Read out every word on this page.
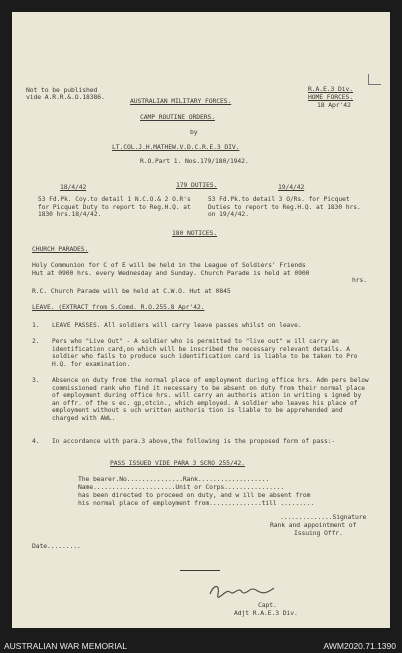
Not to be published
vide A.R.R.&.O.18386.
R.A.E.3 Div.
HOME FORCES.
18 Apr'42
AUSTRALIAN MILITARY FORCES.
CAMP ROUTINE ORDERS.
by
LT.COL.J.H.MATHEW.V.D.C.R.E.3 DIV.
R.O.Part 1. Nos.179/180/1942.
18/4/42	179 DUTIES.	19/4/42
53 Fd.Pk. Coy.to detail 1 N.C.O.& 2 O.R's for Picquet Duty to report to Reg.H.Q. at 1830 hrs.18/4/42.
53 Fd.Pk.to detail 3 O/Rs. for Picquet Duties to report to Reg.H.Q. at 1830 hrs. on 19/4/42.
180 NOTICES.
CHURCH PARADES.
Holy Communion for C of E will be held in the League of Soldiers' Friends
Hut at 0900 hrs. every Wednesday and Sunday. Church Parade is held at 0900
hrs.
R.C. Church Parade will be held at C.W.O. Hut at 0845
LEAVE. (EXTRACT from S.Comd. R.O.255.8 Apr'42.
1. LEAVE PASSES. All soldiers will carry leave passes whilst on leave.
2. Pers who "Live Out" - A soldier who is permitted to "live out" w ill carry an identification card,on which will be inscribed the necessary relevant details. A soldier who fails to produce such identification card is liable to be taken to Pro H.Q. for examination.
3. Absence on duty from the normal place of employment during office hrs. Adm pers below commissioned rank who find it necessary to be absent on duty from their normal place of employment during office hrs. will carry an authoris ation in writing s igned by an offr. of the s ec. gp,otcin., which employed. A soldier who leaves his place of employment without s uch written authoris tion is liable to be apprehended and charged with AWL.
4. In accordance with para.3 above,the following is the proposed form of pass:-
PASS ISSUED VIDE PARA 3 SCRO 255/42.
The bearer.No...............Rank...................
Name......................Unit or Corps................
has been directed to proceed on duty, and w ill be absent from
his normal place of employment from..............till .........
..............Signature
Rank and appointment of
Issuing Offr.
Date.........
Capt.
Adjt R.A.E.3 Div.
AUSTRALIAN WAR MEMORIAL	AWM2020.71.1390
